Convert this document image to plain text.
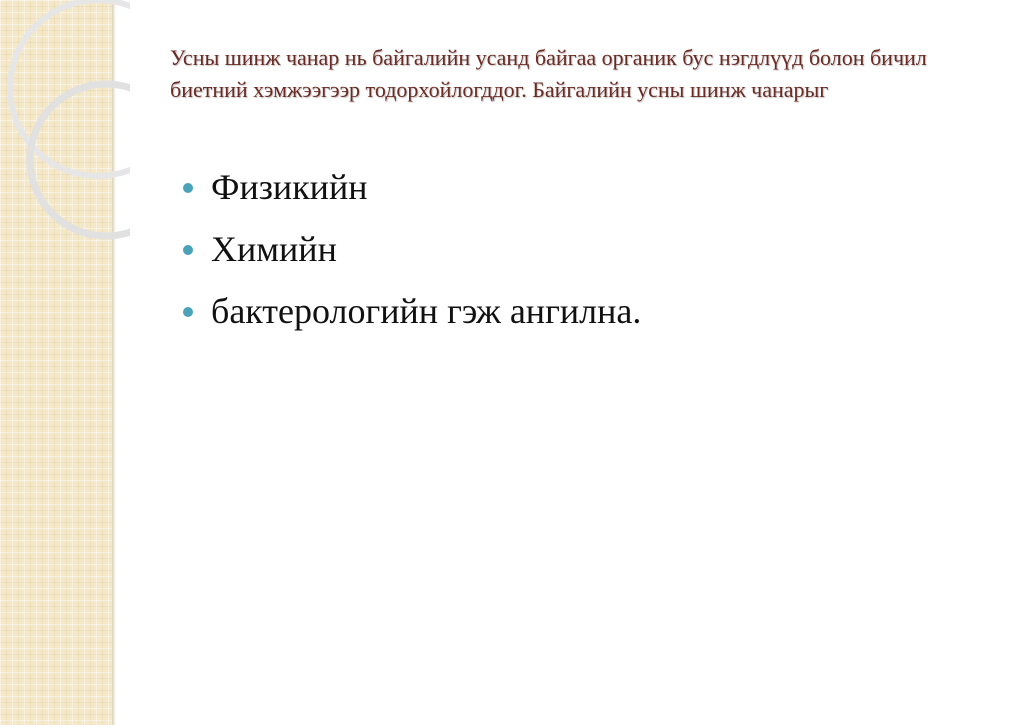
Усны шинж чанар нь байгалийн усанд байгаа органик бус нэгдлүүд болон бичил биетний хэмжээгээр тодорхойлогддог. Байгалийн усны шинж чанарыг
Физикийн
Химийн
бактерологийн гэж ангилна.
